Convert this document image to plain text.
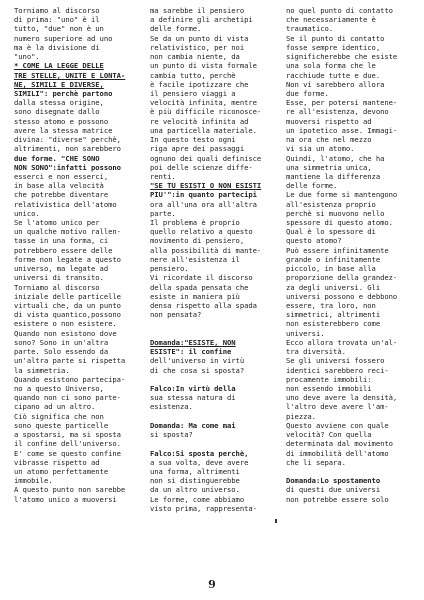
Torniamo al discorso
di prima: "uno" è il
tutto, "due" non è un
numero superiore ad uno
ma è la divisione di
"uno".
* COME LA LEGGE DELLE
TRE STELLE, UNITE E LONTA-
NE, SIMILI E DIVERSE,
SIMILI": perchè partono
dalla stessa origine,
sono disegnate dallo
stesso atomo e possono
avere la stessa matrice
divina: "diverse" perchè,
altrimenti, non sarebbero
due forme. "CHE SONO
NON SONO":infatti possono
esserci e non esserci,
in base alla velocità
che potrebbe diventare
relativistica dell'atomo
unico.
Se l'atomo unico per
un qualche motivo rallen-
tasse in una forma, ci
potrebbero essere delle
forme non legate a questo
universo, ma legate ad
universi di transito.
Torniamo al discorso
iniziale delle particelle
virtuali che, da un punto
di vista quantico,possono
esistere o non esistere.
Quando non esistono dove
sono? Sono in un'altra
parte. Solo essendo da
un'altra parte si rispetta
la simmetria.
Quando esistono partecipa-
no a questo Universo,
quando non ci sono parte-
cipano ad un altro.
Ciò significa che non
sono queste particelle
a spostarsi, ma si sposta
il confine dell'universo.
E' come se questo confine
vibrasse rispetto ad
un atomo perfettamente
immobile.
A questo punto non sarebbe
l'atomo unico a muoversi
ma sarebbe il pensiero
a definire gli archetipi
delle forme.
Se da un punto di vista
relativistico, per noi
non cambia niente, da
un punto di vista formale
cambia tutto, perchè
è facile ipotizzare che
il pensiero viaggi a
velocità infinita, mentre
è più difficile riconosce-
re velocità infinita ad
una particella materiale.
In questo testo ogni
riga apre dei passaggi
ognuno dei quali definisce
poi delle scienze diffe-
renti.
"SE TU ESISTI O NON ESISTI
PIU'":in quanto partecipi
ora all'una ora all'altra
parte.
Il problema è proprio
quello relativo a questo
movimento di pensiero,
alla possibilità di mante-
nere all'esistenza il
pensiero.
Vi ricordate il discorso
della spada pensata che
esiste in maniera più
densa rispetto alla spada
non pensata?
Domanda:"ESISTE, NON
ESISTE": il confine
dell'universo in virtù
di che cosa si sposta?
Falco:In virtù della
sua stessa natura di
esistenza.
Domanda: Ma come mai
si sposta?
Falco:Si sposta perchè,
a sua volta, deve avere
una forma, altrimenti
non si distinguerebbe
da un altro universo.
Le forme, come abbiamo
visto prima, rappresenta-
no quel punto di contatto
che necessariamente è
traumatico.
Se il punto di contatto
fosse sempre identico,
significherebbe che esiste
una sola forma che le
racchiude tutte e due.
Non vi sarebbero allora
due forme.
Esse, per potersi mantene-
re all'esistenza, devono
muoversi rispetto ad
un ipotetico asse. Immagi-
na ora che nel mezzo
vi sia un atomo.
Quindi, l'atomo, che ha
una simmetria unica,
mantiene la differenza
delle forme.
Le due forme si mantengono
all'esistenza proprio
perchè si muovono nello
spessore di questo atomo.
Qual è lo spessore di
questo atomo?
Può essere infinitamente
grande o infinitamente
piccolo, in base alla
proporzione della grandez-
za degli universi. Gli
universi possono e debbono
essere, tra loro, non
simmetrici, altrimenti
non esisterebbero come
universi.
Ecco allora trovata un'al-
tra diversità.
Se gli universi fossero
identici sarebbero reci-
procamente immobili:
non essendo immobili
uno deve avere la densità,
l'altro deve avere l'am-
piezza.
Questo avviene con quale
velocità? Con quella
determinata dal movimento
di immobilità dell'atomo
che li separa.
Domanda:Lo spostamento
di questi due universi
non potrebbe essere solo
9
